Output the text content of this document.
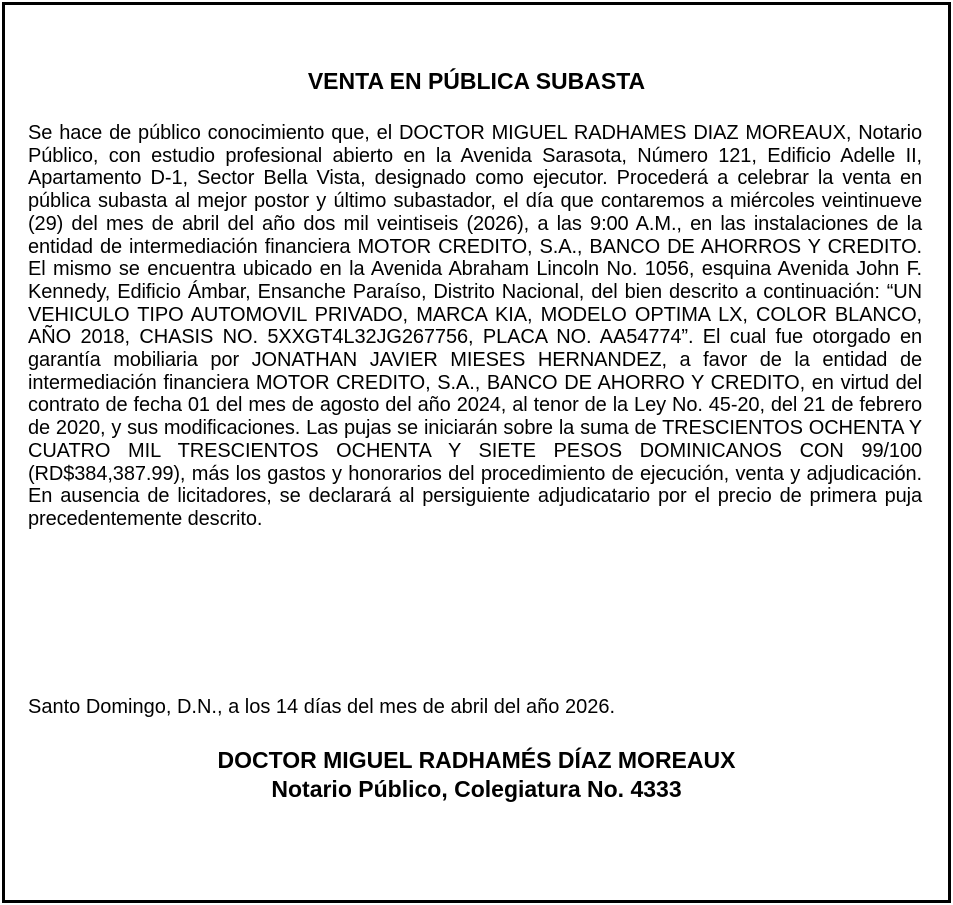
VENTA EN PÚBLICA SUBASTA

Se hace de público conocimiento que, el DOCTOR MIGUEL RADHAMES DIAZ MOREAUX, Notario Público, con estudio profesional abierto en la Avenida Sarasota, Número 121, Edificio Adelle II, Apartamento D-1, Sector Bella Vista, designado como ejecutor. Procederá a celebrar la venta en pública subasta al mejor postor y último subastador, el día que contaremos a miércoles veintinueve (29) del mes de abril del año dos mil veintiseis (2026), a las 9:00 A.M., en las instalaciones de la entidad de intermediación financiera MOTOR CREDITO, S.A., BANCO DE AHORROS Y CREDITO. El mismo se encuentra ubicado en la Avenida Abraham Lincoln No. 1056, esquina Avenida John F. Kennedy, Edificio Ámbar, Ensanche Paraíso, Distrito Nacional, del bien descrito a continuación: “UN VEHICULO TIPO AUTOMOVIL PRIVADO, MARCA KIA, MODELO OPTIMA LX, COLOR BLANCO, AÑO 2018, CHASIS NO. 5XXGT4L32JG267756, PLACA NO. AA54774”. El cual fue otorgado en garantía mobiliaria por JONATHAN JAVIER MIESES HERNANDEZ, a favor de la entidad de intermediación financiera MOTOR CREDITO, S.A., BANCO DE AHORRO Y CREDITO, en virtud del contrato de fecha 01 del mes de agosto del año 2024, al tenor de la Ley No. 45-20, del 21 de febrero de 2020, y sus modificaciones. Las pujas se iniciarán sobre la suma de TRESCIENTOS OCHENTA Y CUATRO MIL TRESCIENTOS OCHENTA Y SIETE PESOS DOMINICANOS CON 99/100 (RD$384,387.99), más los gastos y honorarios del procedimiento de ejecución, venta y adjudicación. En ausencia de licitadores, se declarará al persiguiente adjudicatario por el precio de primera puja precedentemente descrito.

Santo Domingo, D.N., a los 14 días del mes de abril del año 2026.

DOCTOR MIGUEL RADHAMÉS DÍAZ MOREAUX
Notario Público, Colegiatura No. 4333
